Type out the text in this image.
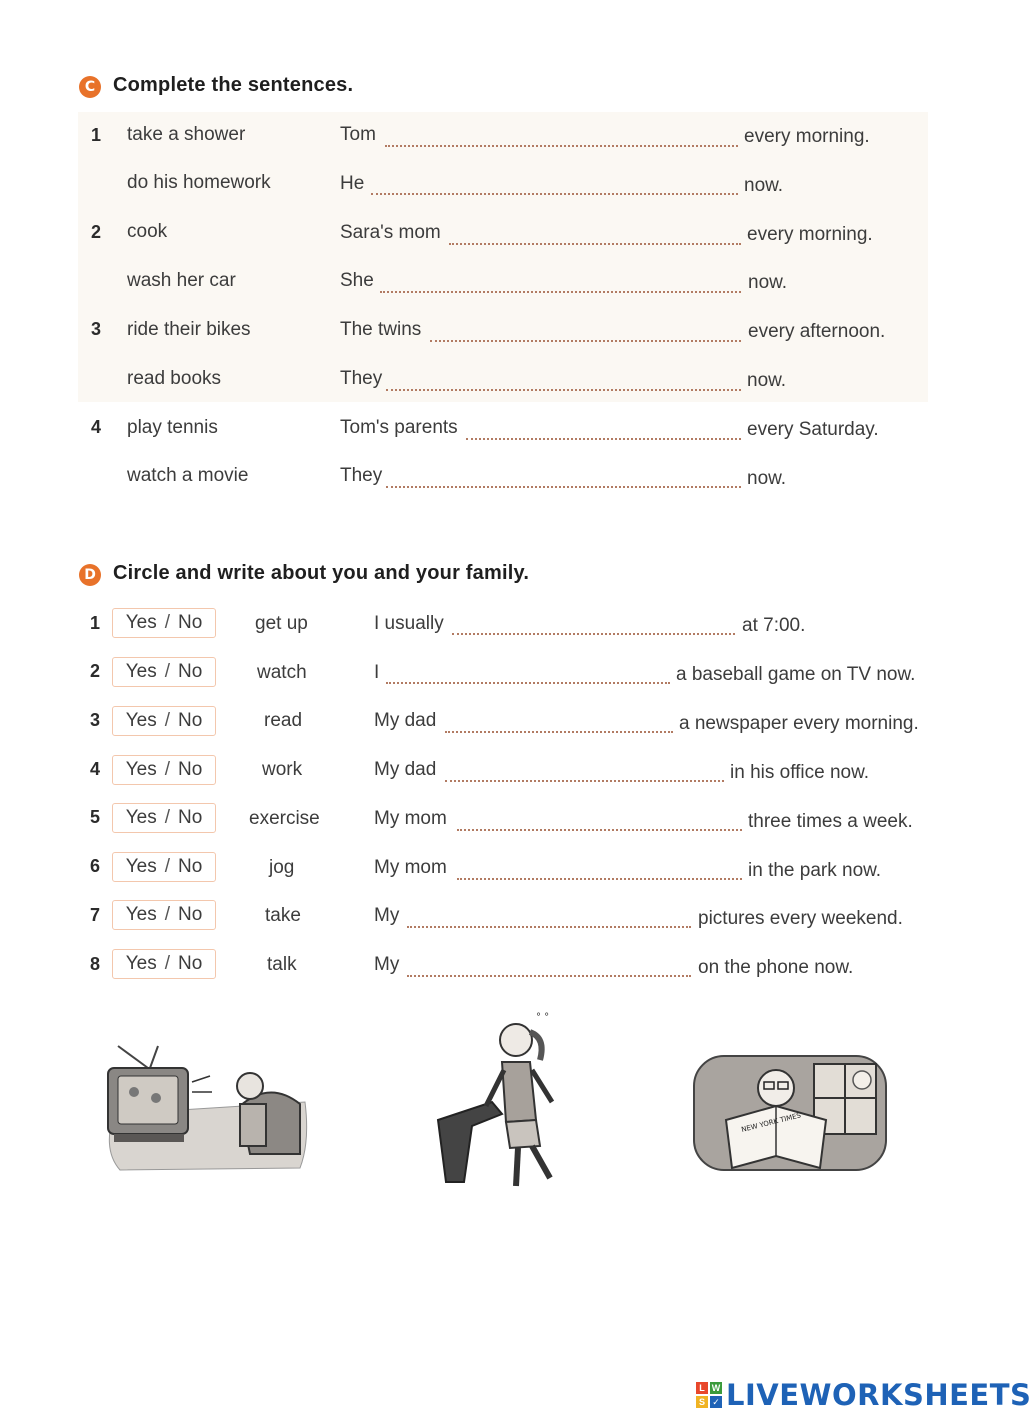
C Complete the sentences.
1 take a shower	Tom	every morning.
do his homework	He	now.
2 cook	Sara's mom	every morning.
wash her car	She	now.
3 ride their bikes	The twins	every afternoon.
read books	They	now.
4 play tennis	Tom's parents	every Saturday.
watch a movie	They	now.
D Circle and write about you and your family.
1 Yes / No	get up	I usually	at 7:00.
2 Yes / No	watch	I	a baseball game on TV now.
3 Yes / No	read	My dad	a newspaper every morning.
4 Yes / No	work	My dad	in his office now.
5 Yes / No exercise	My mom	three times a week.
6 Yes / No	jog	My mom	in the park now.
7 Yes / No	take	My	pictures every weekend.
8 Yes / No	talk	My	on the phone now.
° °
NEW YORK TIMES
L W
S ✓ LIVEWORKSHEETS
